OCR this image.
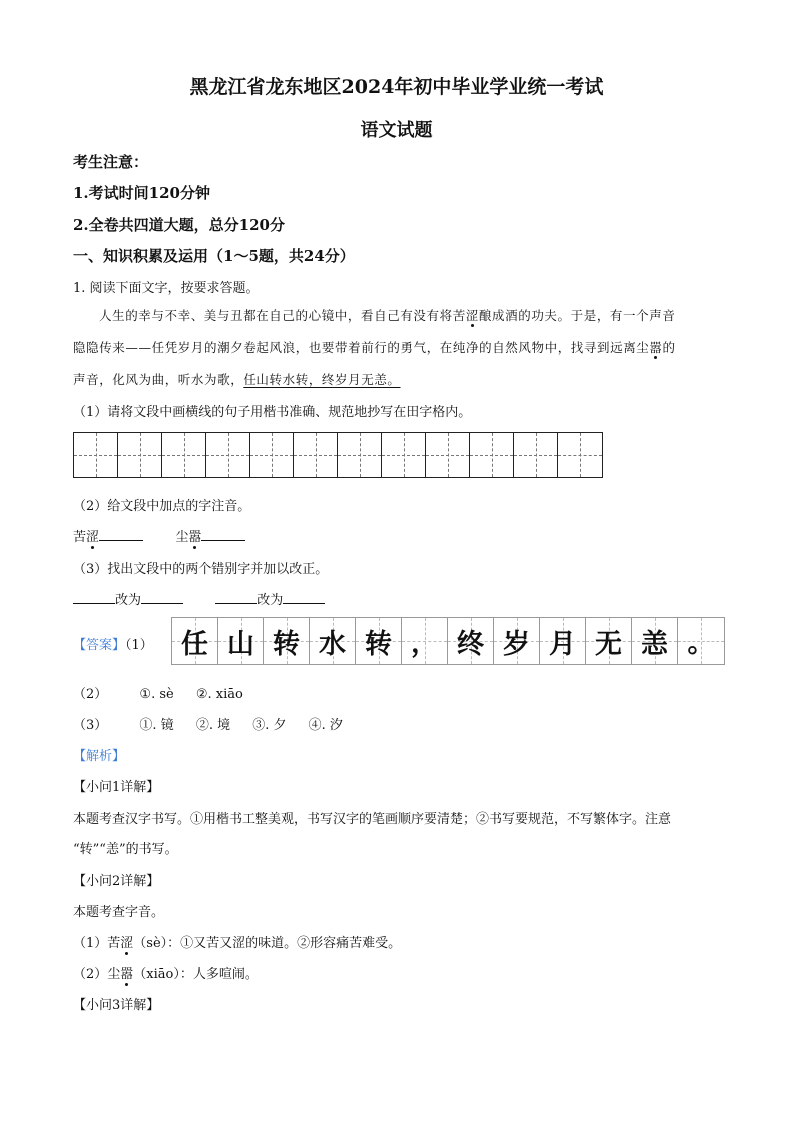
黑龙江省龙东地区2024年初中毕业学业统一考试
语文试题
考生注意：
1.考试时间120分钟
2.全卷共四道大题，总分120分
一、知识积累及运用（1～5题，共24分）
1. 阅读下面文字，按要求答题。
人生的幸与不幸、美与丑都在自己的心镜中，看自己有没有将苦涩酿成酒的功夫。于是，有一个声音
隐隐传来——任凭岁月的潮夕卷起风浪，也要带着前行的勇气，在纯净的自然风物中，找寻到远离尘嚣的
声音，化风为曲，听水为歌，任山转水转，终岁月无恙。
（1）请将文段中画横线的句子用楷书准确、规范地抄写在田字格内。
（2）给文段中加点的字注音。
苦涩	尘嚣
（3）找出文段中的两个错别字并加以改正。
改为	改为
【答案】（1） 任 山 转 水 转 ， 终 岁 月 无 恙 。
（2） ①. sè ②. xiāo
（3） ①. 镜 ②. 境 ③. 夕 ④. 汐
【解析】
【小问1详解】
本题考查汉字书写。①用楷书工整美观，书写汉字的笔画顺序要清楚；②书写要规范，不写繁体字。注意
“转”“恙”的书写。
【小问2详解】
本题考查字音。
（1）苦涩（sè）：①又苦又涩的味道。②形容痛苦难受。
（2）尘嚣（xiāo）：人多喧闹。
【小问3详解】
